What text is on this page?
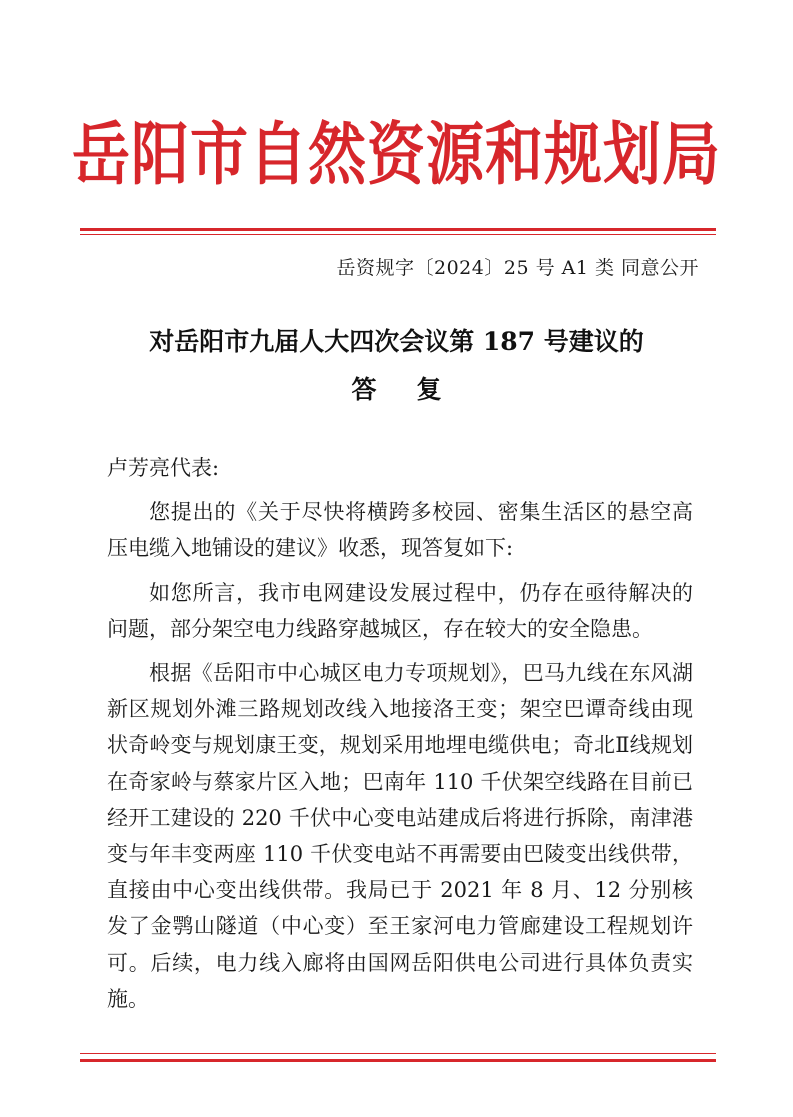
岳阳市自然资源和规划局
岳资规字〔2024〕25 号 A1 类 同意公开
对岳阳市九届人大四次会议第 187 号建议的
答复

卢芳亮代表:

您提出的《关于尽快将横跨多校园、密集生活区的悬空高压电缆入地铺设的建议》收悉，现答复如下:

如您所言，我市电网建设发展过程中，仍存在亟待解决的问题，部分架空电力线路穿越城区，存在较大的安全隐患。

根据《岳阳市中心城区电力专项规划》，巴马九线在东风湖新区规划外滩三路规划改线入地接洛王变；架空巴谭奇线由现状奇岭变与规划康王变，规划采用地埋电缆供电；奇北Ⅱ线规划在奇家岭与蔡家片区入地；巴南年 110 千伏架空线路在目前已经开工建设的 220 千伏中心变电站建成后将进行拆除，南津港变与年丰变两座 110 千伏变电站不再需要由巴陵变出线供带，直接由中心变出线供带。我局已于 2021 年 8 月、12 分别核发了金鹗山隧道（中心变）至王家河电力管廊建设工程规划许可。后续，电力线入廊将由国网岳阳供电公司进行具体负责实施。
